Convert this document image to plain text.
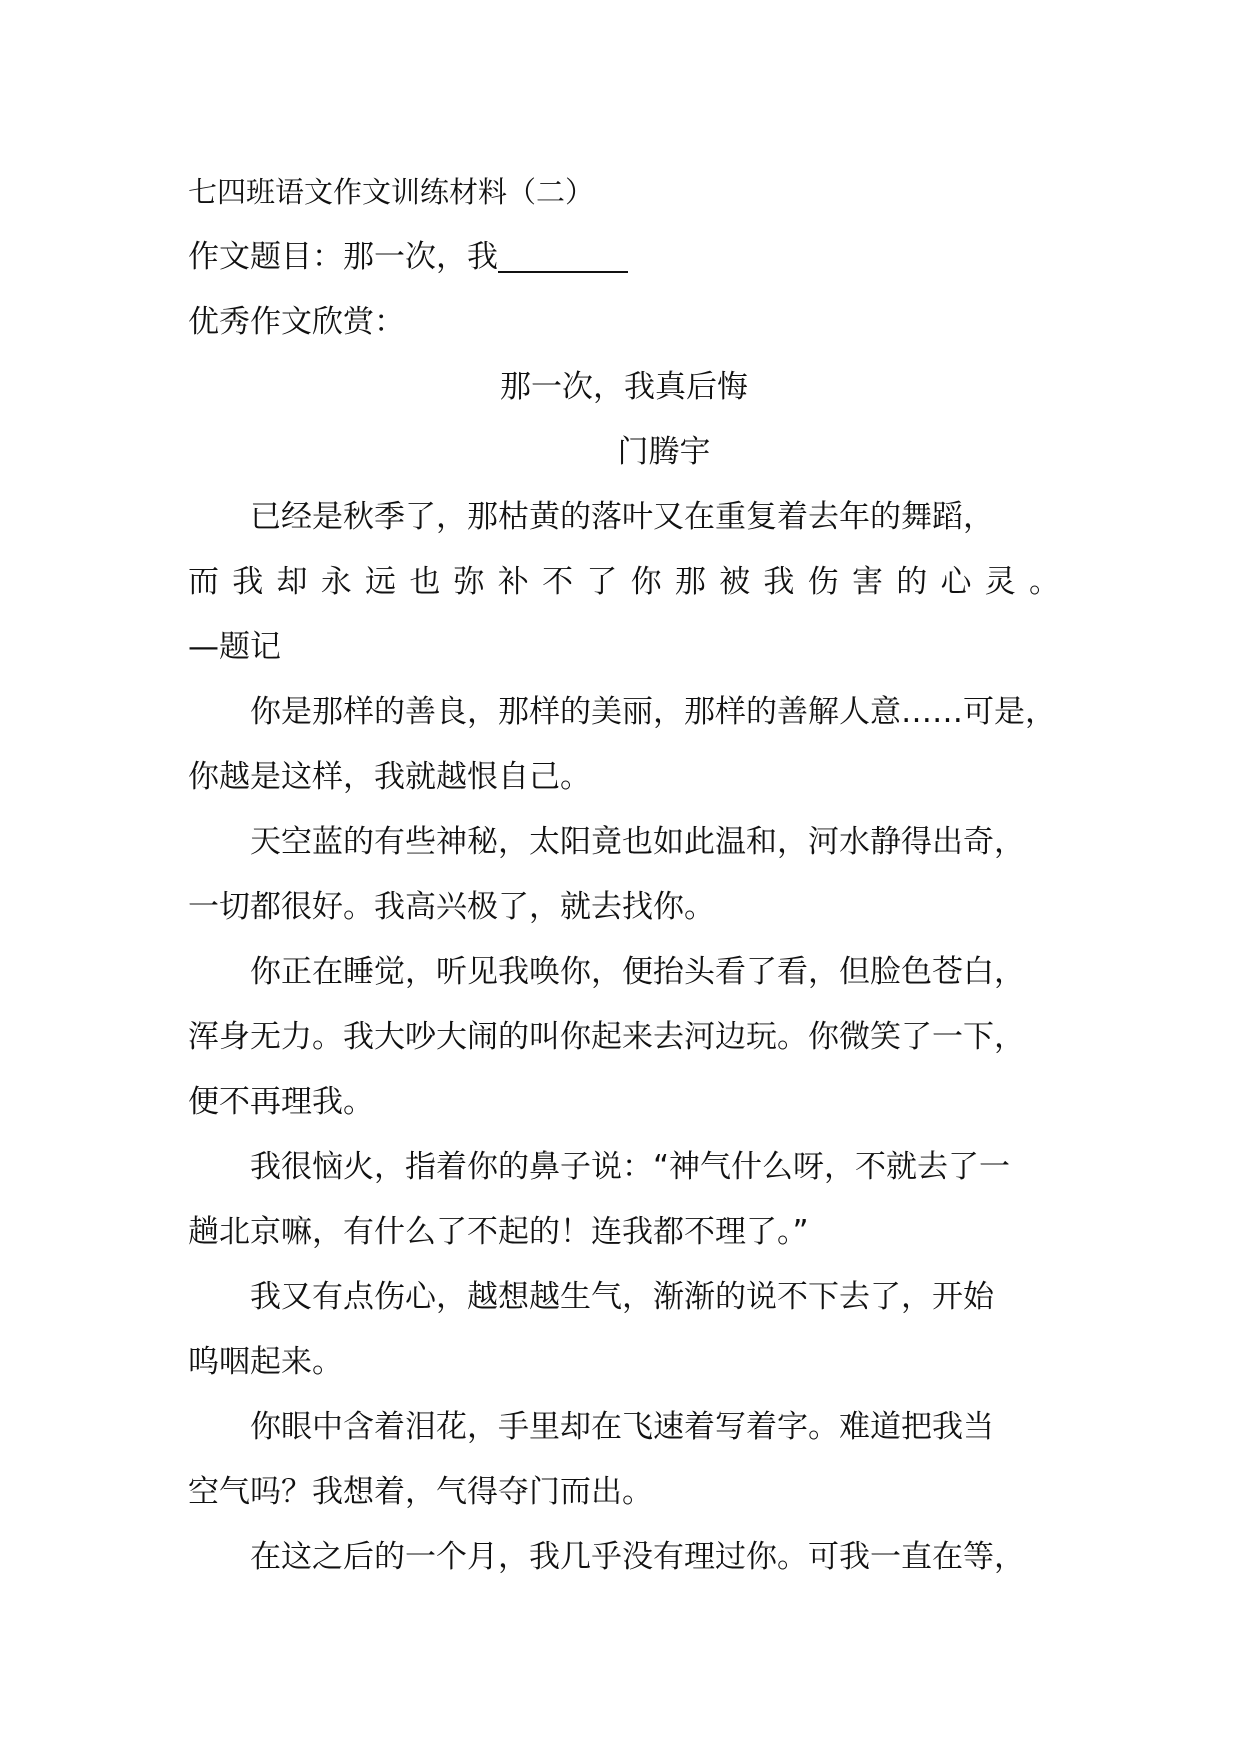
七四班语文作文训练材料（二）

作文题目：那一次，我

优秀作文欣赏：

那一次，我真后悔

门腾宇

已经是秋季了，那枯黄的落叶又在重复着去年的舞蹈，

而我却永远也弥补不了你那被我伤害的心灵。

—题记

你是那样的善良，那样的美丽，那样的善解人意……可是，

你越是这样，我就越恨自己。

天空蓝的有些神秘，太阳竟也如此温和，河水静得出奇，

一切都很好。我高兴极了，就去找你。

你正在睡觉，听见我唤你，便抬头看了看，但脸色苍白，

浑身无力。我大吵大闹的叫你起来去河边玩。你微笑了一下，

便不再理我。

我很恼火，指着你的鼻子说：“神气什么呀，不就去了一

趟北京嘛，有什么了不起的！连我都不理了。”

我又有点伤心，越想越生气，渐渐的说不下去了，开始

呜咽起来。

你眼中含着泪花，手里却在飞速着写着字。难道把我当

空气吗？我想着，气得夺门而出。

在这之后的一个月，我几乎没有理过你。可我一直在等，
